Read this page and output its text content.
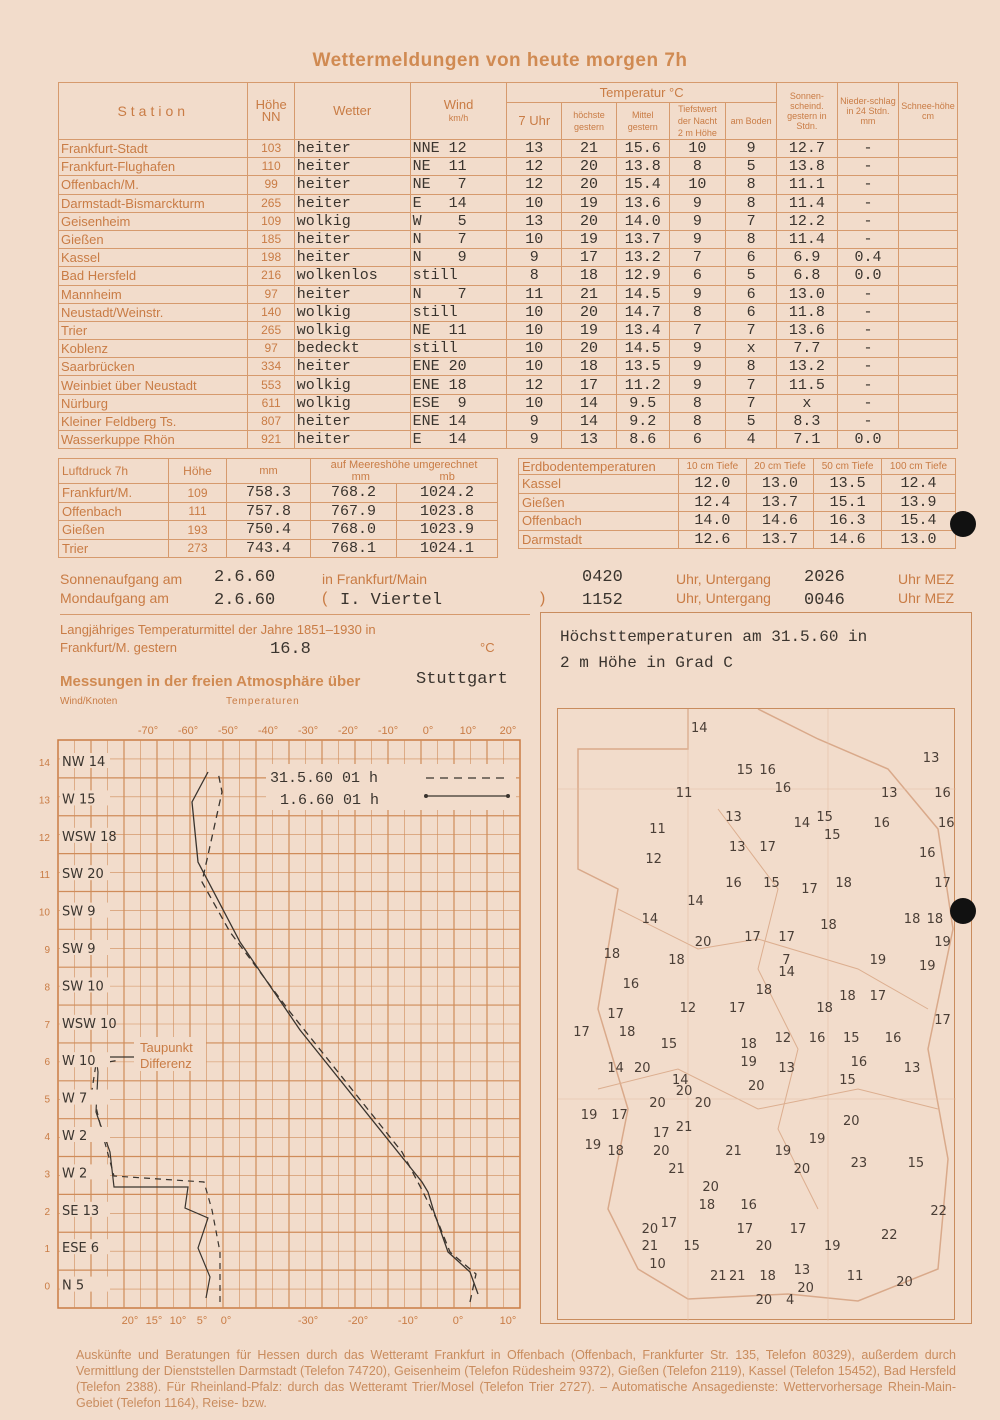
Wettermeldungen von heute morgen 7h
Station	Höhe NN	Wetter	Wind
km/h	Temperatur °C					Sonnen-scheind. gestern in Stdn.	Nieder-schlag in 24 Stdn. mm	Schnee-höhe cm
				7 Uhr	höchste gestern	Mittel gestern	Tiefstwert der Nacht
2 m Höhe	am Boden			
Frankfurt-Stadt	103	heiter	NNE 12	13	21	15.6	10	9	12.7	-	
Frankfurt-Flughafen	110	heiter	NE  11	12	20	13.8	8	5	13.8	-	
Offenbach/M.	99	heiter	NE   7	12	20	15.4	10	8	11.1	-	
Darmstadt-Bismarckturm	265	heiter	E   14	10	19	13.6	9	8	11.4	-	
Geisenheim	109	wolkig	W    5	13	20	14.0	9	7	12.2	-	
Gießen	185	heiter	N    7	10	19	13.7	9	8	11.4	-	
Kassel	198	heiter	N    9	9	17	13.2	7	6	6.9	0.4	
Bad Hersfeld	216	wolkenlos	still	8	18	12.9	6	5	6.8	0.0	
Mannheim	97	heiter	N    7	11	21	14.5	9	6	13.0	-	
Neustadt/Weinstr.	140	wolkig	still	10	20	14.7	8	6	11.8	-	
Trier	265	wolkig	NE  11	10	19	13.4	7	7	13.6	-	
Koblenz	97	bedeckt	still	10	20	14.5	9	x	7.7	-	
Saarbrücken	334	heiter	ENE 20	10	18	13.5	9	8	13.2	-	
Weinbiet über Neustadt	553	wolkig	ENE 18	12	17	11.2	9	7	11.5	-	
Nürburg	611	wolkig	ESE  9	10	14	9.5	8	7	x	-	
Kleiner Feldberg Ts.	807	heiter	ENE 14	9	14	9.2	8	5	8.3	-	
Wasserkuppe Rhön	921	heiter	E   14	9	13	8.6	6	4	7.1	0.0	
Luftdruck 7h	Höhe	mm	auf Meereshöhe umgerechnet
mm mb	
Frankfurt/M.	109	758.3	768.2	1024.2
Offenbach	111	757.8	767.9	1023.8
Gießen	193	750.4	768.0	1023.9
Trier	273	743.4	768.1	1024.1
Erdbodentemperaturen	10 cm Tiefe	20 cm Tiefe	50 cm Tiefe	100 cm Tiefe
Kassel	12.0	13.0	13.5	12.4
Gießen	12.4	13.7	15.1	13.9
Offenbach	14.0	14.6	16.3	15.4
Darmstadt	12.6	13.7	14.6	13.0
Sonnenaufgang am 2.6.60	in Frankfurt/Main	0420	Uhr, Untergang 2026	Uhr MEZ
Mondaufgang am	2.6.60	( I. Viertel	) 1152	Uhr, Untergang 0046	Uhr MEZ
Langjähriges Temperaturmittel der Jahre 1851–1930 in
Frankfurt/M. gestern	16.8	°C
Messungen in der freien Atmosphäre über	Stuttgart
Wind/Knoten	Temperaturen
-70° -60° -50° -40° -30° -20° -10° 0° 10° 20°
20° 15° 10° 5° 0°	-30°	-20°	-10°	0°	10°
14
13
12
11
10
9
8
7
6
5
4
3
2
1
0
NW 14
W 15
WSW 18
SW 20
SW 9
SW 9
SW 10
WSW 10
W 10
W 7
W 2
W 2
SE 13
ESE 6
N 5
31.5.60 01 h
1.6.60 01 h
Taupunkt
Differenz
Höchsttemperaturen am 31.5.60 in
2 m Höhe in Grad C
14
13
15 16
11	16	13	16
13	14 15	16	16
11
13 17
15
16
12
16 15 17 18	17
14
14	18	18 18
17 17	19
20
18	18	7
14
19	19
16	18	18 17
17	12	17	18
17
17 18
15	18 12 16 15 16
14 20	19 13	16	13
14
20	20	15
20 20
19 17
21
17
20
19 18 20	21	19
19
21	23	15
20
20
18 16	22
20 17	17	17	22
21 15	20	19
10
21 21 18 13
20
11	20
20 4
Auskünfte und Beratungen für Hessen durch das Wetteramt Frankfurt in Offenbach (Offenbach, Frankfurter Str. 135, Telefon 80329), außerdem durch Vermittlung der Dienststellen Darmstadt (Telefon 74720), Geisenheim (Telefon Rüdesheim 9372), Gießen (Telefon 2119), Kassel (Telefon 15452), Bad Hersfeld (Telefon 2388). Für Rheinland-Pfalz: durch das Wetteramt Trier/Mosel (Telefon Trier 2727). – Automatische Ansagedienste: Wettervorhersage Rhein-Main-Gebiet (Telefon 1164), Reise- bzw.
